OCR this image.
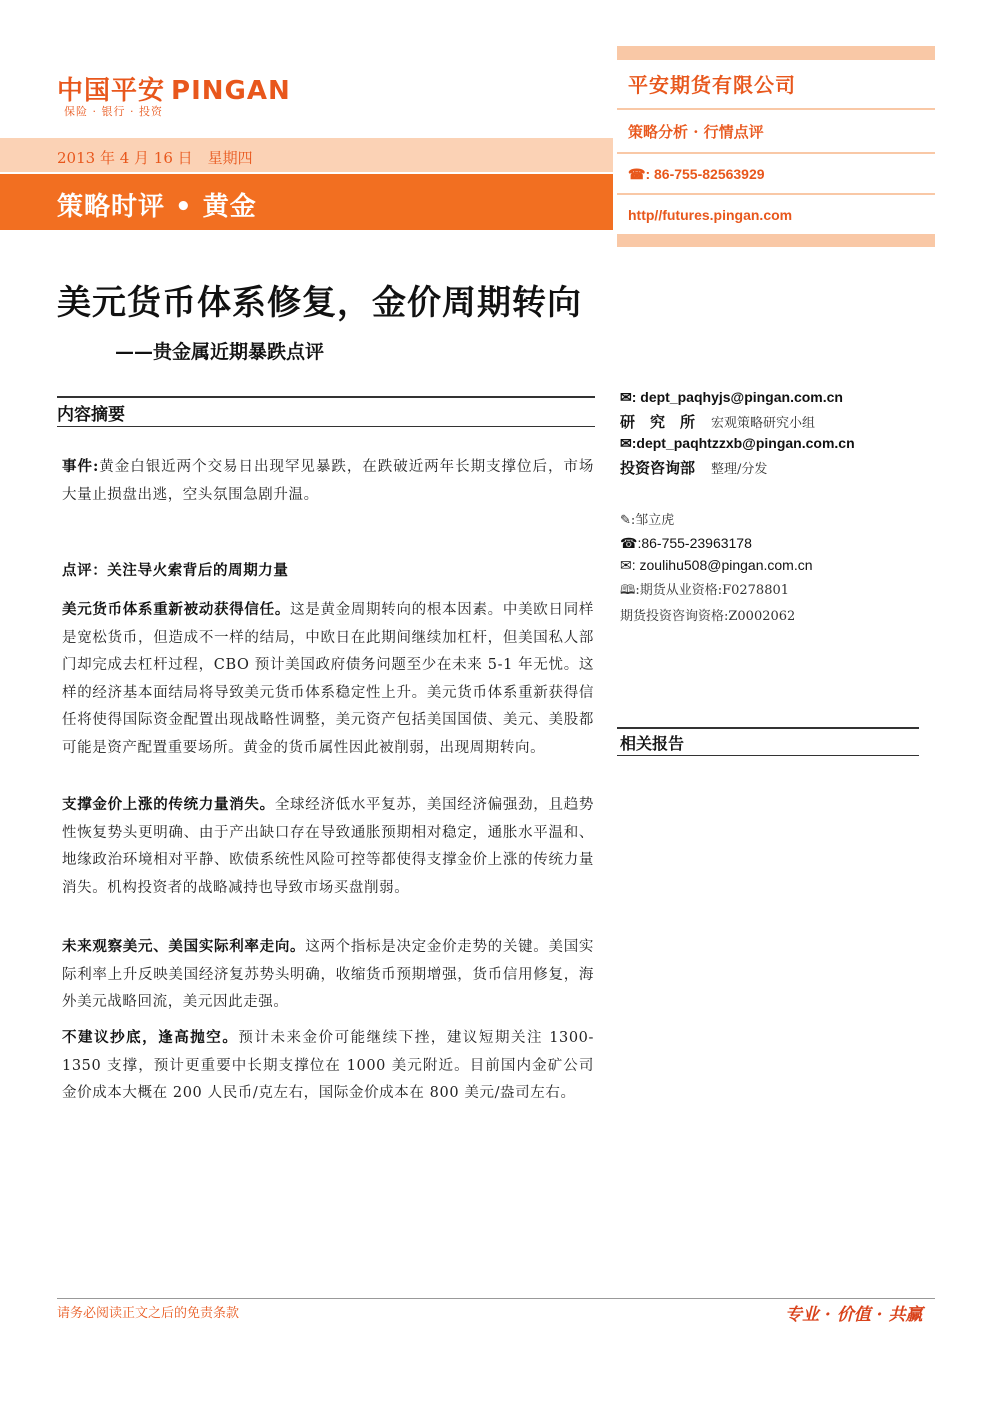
中国平安 PINGAN
保险 · 银行 · 投资
平安期货有限公司
策略分析 · 行情点评
☎: 86-755-82563929
http//futures.pingan.com
2013 年 4 月 16 日　星期四
策略时评 • 黄金
美元货币体系修复，金价周期转向
——贵金属近期暴跌点评
内容摘要
事件:黄金白银近两个交易日出现罕见暴跌，在跌破近两年长期支撑位后，市场大量止损盘出逃，空头氛围急剧升温。
点评：关注导火索背后的周期力量
美元货币体系重新被动获得信任。这是黄金周期转向的根本因素。中美欧日同样是宽松货币，但造成不一样的结局，中欧日在此期间继续加杠杆，但美国私人部门却完成去杠杆过程，CBO 预计美国政府债务问题至少在未来 5-1 年无忧。这样的经济基本面结局将导致美元货币体系稳定性上升。美元货币体系重新获得信任将使得国际资金配置出现战略性调整，美元资产包括美国国债、美元、美股都可能是资产配置重要场所。黄金的货币属性因此被削弱，出现周期转向。
支撑金价上涨的传统力量消失。全球经济低水平复苏，美国经济偏强劲，且趋势性恢复势头更明确、由于产出缺口存在导致通胀预期相对稳定，通胀水平温和、地缘政治环境相对平静、欧债系统性风险可控等都使得支撑金价上涨的传统力量消失。机构投资者的战略减持也导致市场买盘削弱。
未来观察美元、美国实际利率走向。这两个指标是决定金价走势的关键。美国实际利率上升反映美国经济复苏势头明确，收缩货币预期增强，货币信用修复，海外美元战略回流，美元因此走强。
不建议抄底，逢高抛空。预计未来金价可能继续下挫，建议短期关注 1300-1350 支撑，预计更重要中长期支撑位在 1000 美元附近。目前国内金矿公司金价成本大概在 200 人民币/克左右，国际金价成本在 800 美元/盎司左右。
✉: dept_paqhyjs@pingan.com.cn
研　究　所 宏观策略研究小组
✉:dept_paqhtzzxb@pingan.com.cn
投资咨询部 整理/分发
✎:邹立虎
☎:86-755-23963178
✉: zoulihu508@pingan.com.cn
🕮:期货从业资格:F0278801
期货投资咨询资格:Z0002062
相关报告
请务必阅读正文之后的免责条款	专业 · 价值 · 共赢
